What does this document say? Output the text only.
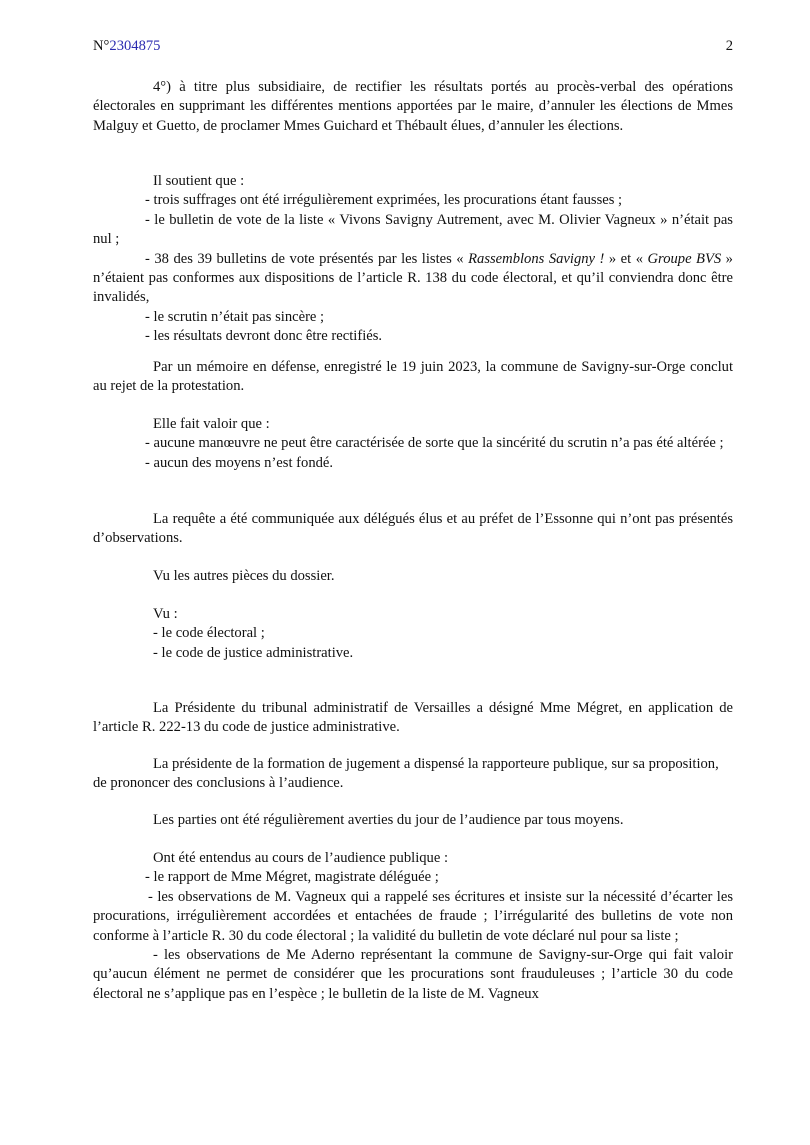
N°2304875	2

4°) à titre plus subsidiaire, de rectifier les résultats portés au procès-verbal des opérations électorales en supprimant les différentes mentions apportées par le maire, d’annuler les élections de Mmes Malguy et Guetto, de proclamer Mmes Guichard et Thébault élues, d’annuler les élections.

Il soutient que :

- trois suffrages ont été irrégulièrement exprimées, les procurations étant fausses ;

- le bulletin de vote de la liste « Vivons Savigny Autrement, avec M. Olivier Vagneux » n’était pas nul ;

- 38 des 39 bulletins de vote présentés par les listes « Rassemblons Savigny ! » et « Groupe BVS » n’étaient pas conformes aux dispositions de l’article R. 138 du code électoral, et qu’il conviendra donc être invalidés,

- le scrutin n’était pas sincère ;

- les résultats devront donc être rectifiés.

Par un mémoire en défense, enregistré le 19 juin 2023, la commune de Savigny-sur-Orge conclut au rejet de la protestation.

Elle fait valoir que :

- aucune manœuvre ne peut être caractérisée de sorte que la sincérité du scrutin n’a pas été altérée ;

- aucun des moyens n’est fondé.

La requête a été communiquée aux délégués élus et au préfet de l’Essonne qui n’ont pas présentés d’observations.

Vu les autres pièces du dossier.

Vu :

- le code électoral ;

- le code de justice administrative.

La Présidente du tribunal administratif de Versailles a désigné Mme Mégret, en application de l’article R. 222-13 du code de justice administrative.

La présidente de la formation de jugement a dispensé la rapporteure publique, sur sa proposition, de prononcer des conclusions à l’audience.

Les parties ont été régulièrement averties du jour de l’audience par tous moyens.

Ont été entendus au cours de l’audience publique :

- le rapport de Mme Mégret, magistrate déléguée ;

- les observations de M. Vagneux qui a rappelé ses écritures et insiste sur la nécessité d’écarter les procurations, irrégulièrement accordées et entachées de fraude ; l’irrégularité des bulletins de vote non conforme à l’article R. 30 du code électoral ; la validité du bulletin de vote déclaré nul pour sa liste ;

- les observations de Me Aderno représentant la commune de Savigny-sur-Orge qui fait valoir qu’aucun élément ne permet de considérer que les procurations sont frauduleuses ; l’article 30 du code électoral ne s’applique pas en l’espèce ; le bulletin de la liste de M. Vagneux
